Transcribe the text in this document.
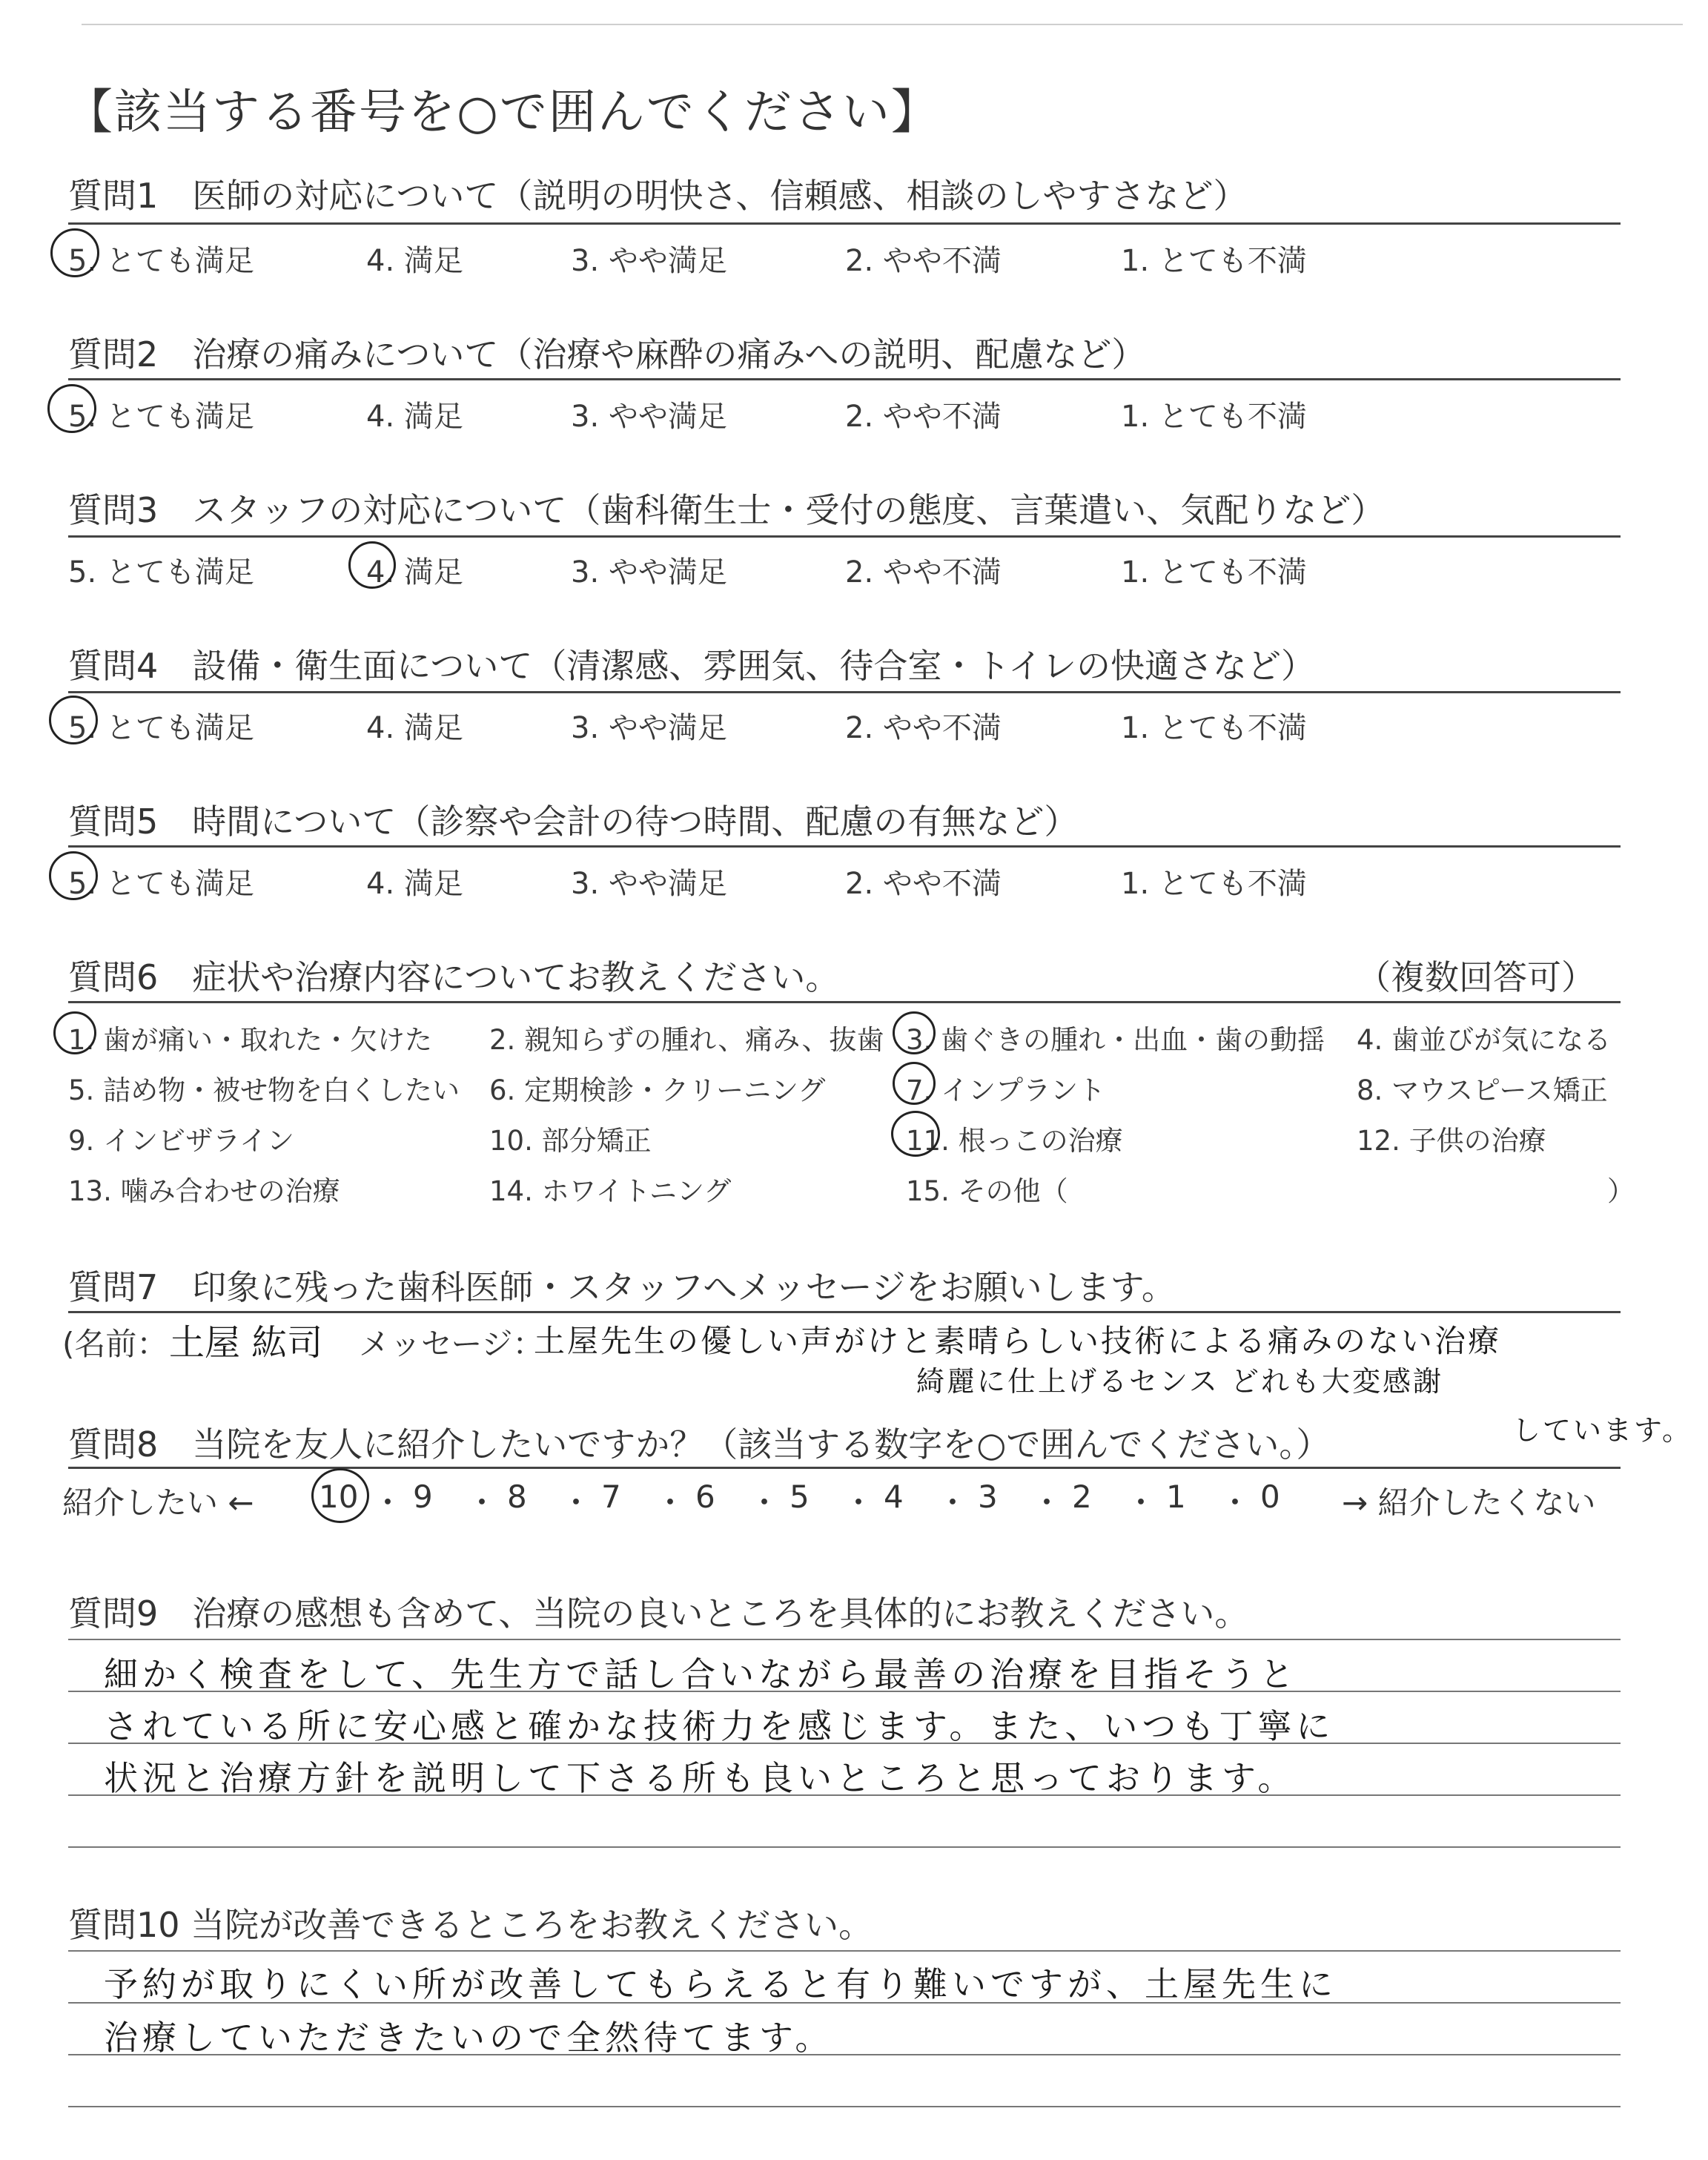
【該当する番号を○で囲んでください】
質問1　医師の対応について（説明の明快さ、信頼感、相談のしやすさなど）
5. とても満足	4. 満足	3. やや満足	2. やや不満	1. とても不満
質問2　治療の痛みについて（治療や麻酔の痛みへの説明、配慮など）
5. とても満足	4. 満足	3. やや満足	2. やや不満	1. とても不満
質問3　スタッフの対応について（歯科衛生士・受付の態度、言葉遣い、気配りなど）
5. とても満足	4. 満足	3. やや満足	2. やや不満	1. とても不満
質問4　設備・衛生面について（清潔感、雰囲気、待合室・トイレの快適さなど）
5. とても満足	4. 満足	3. やや満足	2. やや不満	1. とても不満
質問5　時間について（診察や会計の待つ時間、配慮の有無など）
5. とても満足	4. 満足	3. やや満足	2. やや不満	1. とても不満
質問6　症状や治療内容についてお教えください。	（複数回答可）
1. 歯が痛い・取れた・欠けた 2. 親知らずの腫れ、痛み、抜歯 3. 歯ぐきの腫れ・出血・歯の動揺 4. 歯並びが気になる
5. 詰め物・被せ物を白くしたい 6. 定期検診・クリーニング	7. インプラント	8. マウスピース矯正
9. インビザライン	10. 部分矯正	11. 根っこの治療	12. 子供の治療
13. 噛み合わせの治療	14. ホワイトニング	15. その他（	）
質問7　印象に残った歯科医師・スタッフへメッセージをお願いします。
(名前： 土屋 紘司 メッセージ：
土屋先生の優しい声がけと素晴らしい技術による痛みのない治療
綺麗に仕上げるセンス どれも大変感謝
しています。
質問8　当院を友人に紹介したいですか？（該当する数字を○で囲んでください。）
紹介したい ← 10 ・ 9 ・ 8 ・ 7 ・ 6 ・ 5 ・ 4 ・ 3 ・ 2 ・ 1 ・ 0 → 紹介したくない
質問9　治療の感想も含めて、当院の良いところを具体的にお教えください。
細かく検査をして、先生方で話し合いながら最善の治療を目指そうと
されている所に安心感と確かな技術力を感じます。また、いつも丁寧に
状況と治療方針を説明して下さる所も良いところと思っております。
質問10 当院が改善できるところをお教えください。
予約が取りにくい所が改善してもらえると有り難いですが、土屋先生に
治療していただきたいので全然待てます。
